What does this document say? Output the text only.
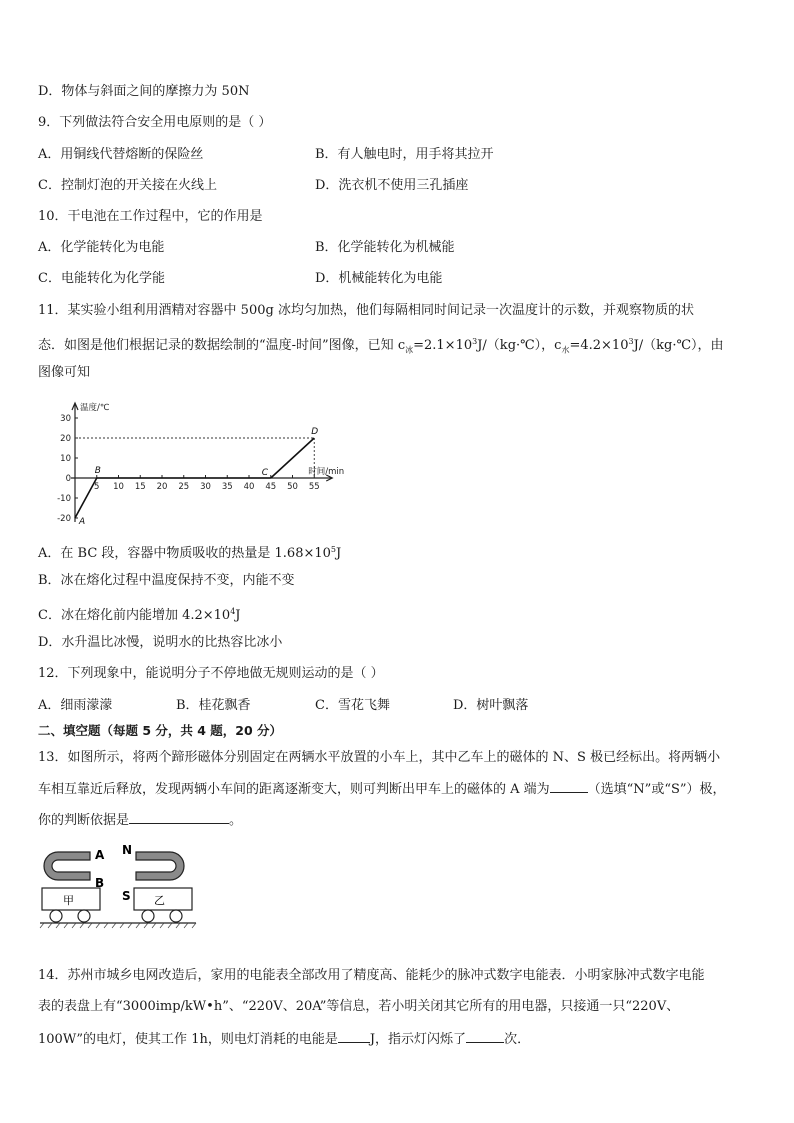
D．物体与斜面之间的摩擦力为 50N
9．下列做法符合安全用电原则的是（ ）
A．用铜线代替熔断的保险丝	B．有人触电时，用手将其拉开
C．控制灯泡的开关接在火线上	D．洗衣机不使用三孔插座
10．干电池在工作过程中，它的作用是
A．化学能转化为电能	B．化学能转化为机械能
C．电能转化为化学能	D．机械能转化为电能
11．某实验小组利用酒精对容器中 500g 冰均匀加热，他们每隔相同时间记录一次温度计的示数，并观察物质的状
态．如图是他们根据记录的数据绘制的“温度-时间”图像，已知 $c_冰=2.1\times 10^3J/(kg\cdot℃)$，$c_水=4.2\times 10^3J/(kg\cdot℃)$，由
图像可知
温度/℃
时间/min
30
20
10
0
-10
-20
5 10 15 20 25 30 35 40 45 50 55
A
B	C
D
A．在 BC 段，容器中物质吸收的热量是 $1.68\times 10^5J$
B．冰在熔化过程中温度保持不变，内能不变
C．冰在熔化前内能增加 $4.2\times 10^4J$
D．水升温比冰慢，说明水的比热容比冰小
12．下列现象中，能说明分子不停地做无规则运动的是（ ）
A．细雨濛濛	B．桂花飘香	C．雪花飞舞	D．树叶飘落
二、填空题（每题 5 分，共 4 题，20 分）
13．如图所示，将两个蹄形磁体分别固定在两辆水平放置的小车上，其中乙车上的磁体的 N、S 极已经标出。将两辆小
车相互靠近后释放，发现两辆小车间的距离逐渐变大，则可判断出甲车上的磁体的 A 端为	（选填“N”或“S”）极，
你的判断依据是	。
A
B
N
S
甲	乙
14．苏州市城乡电网改造后，家用的电能表全部改用了精度高、能耗少的脉冲式数字电能表．小明家脉冲式数字电能
表的表盘上有“3000imp/kW•h”、“220V、20A”等信息，若小明关闭其它所有的用电器，只接通一只“220V、
100W”的电灯，使其工作 1h，则电灯消耗的电能是 J，指示灯闪烁了	次．
